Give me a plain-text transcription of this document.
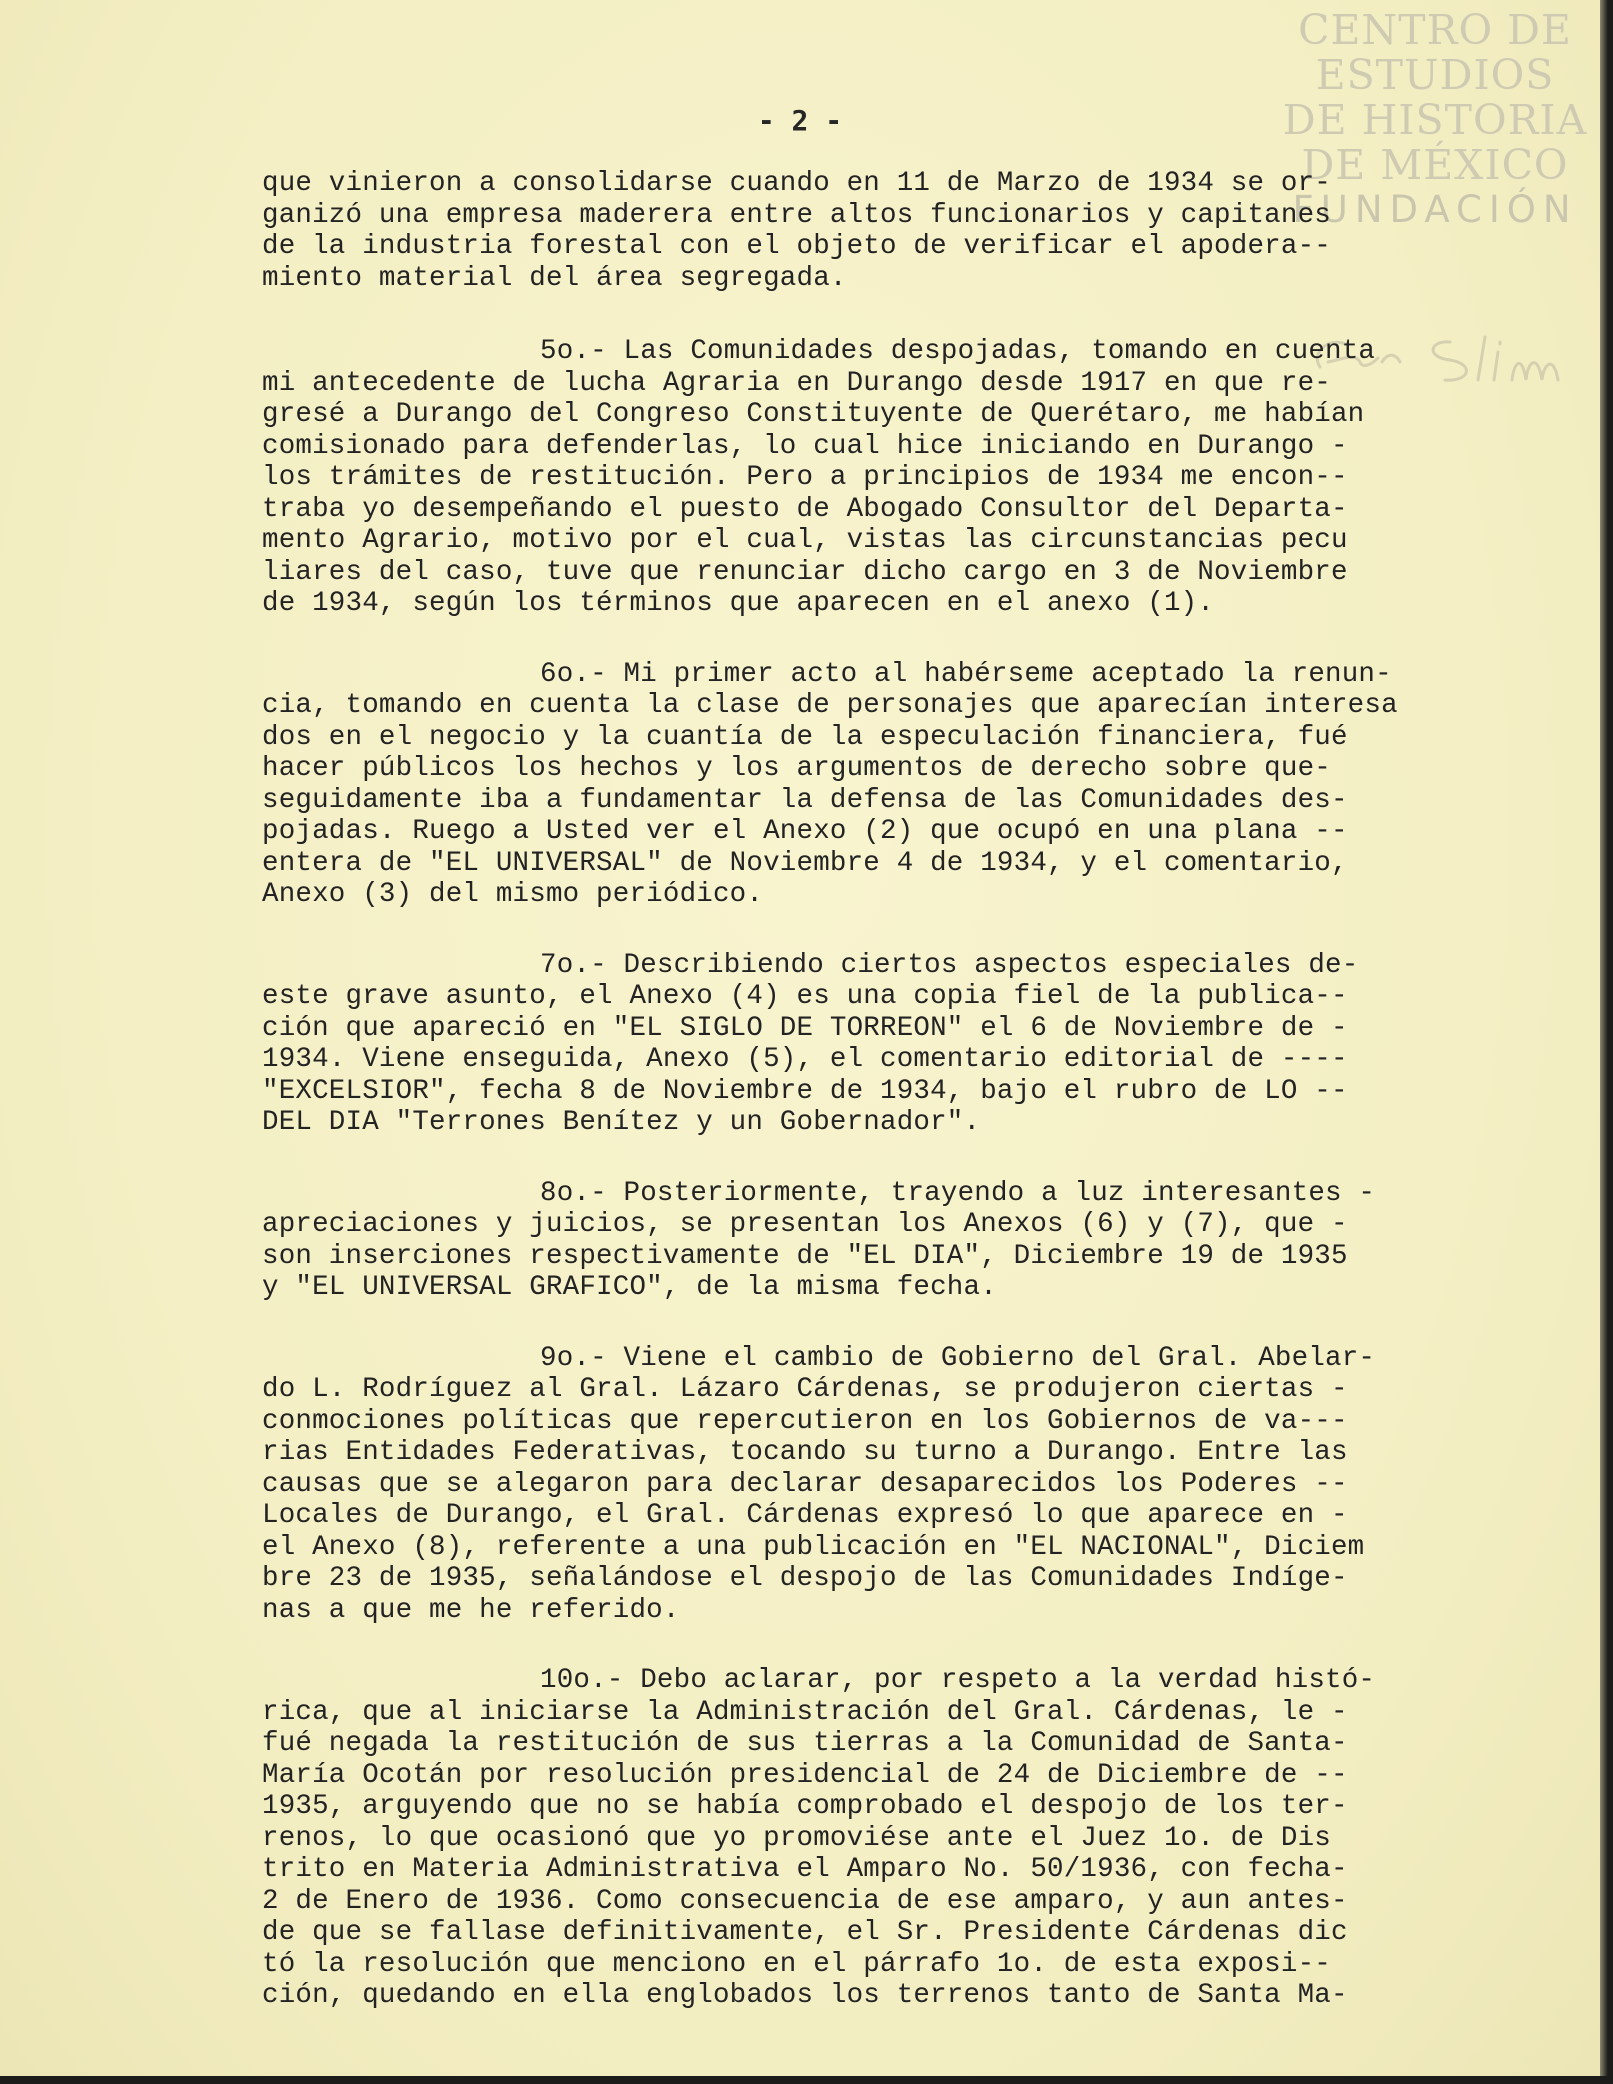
CENTRO DE
ESTUDIOS
DE HISTORIA
DE MÉXICO
FUNDACIÓN
- 2 -
que vinieron a consolidarse cuando en 11 de Marzo de 1934 se or-
ganizó una empresa maderera entre altos funcionarios y capitanes
de la industria forestal con el objeto de verificar el apodera--
miento material del área segregada.
5o.- Las Comunidades despojadas, tomando en cuenta
mi antecedente de lucha Agraria en Durango desde 1917 en que re-
gresé a Durango del Congreso Constituyente de Querétaro, me habían
comisionado para defenderlas, lo cual hice iniciando en Durango -
los trámites de restitución. Pero a principios de 1934 me encon--
traba yo desempeñando el puesto de Abogado Consultor del Departa-
mento Agrario, motivo por el cual, vistas las circunstancias pecu
liares del caso, tuve que renunciar dicho cargo en 3 de Noviembre
de 1934, según los términos que aparecen en el anexo (1).
6o.- Mi primer acto al habérseme aceptado la renun-
cia, tomando en cuenta la clase de personajes que aparecían interesa
dos en el negocio y la cuantía de la especulación financiera, fué
hacer públicos los hechos y los argumentos de derecho sobre que-
seguidamente iba a fundamentar la defensa de las Comunidades des-
pojadas. Ruego a Usted ver el Anexo (2) que ocupó en una plana --
entera de "EL UNIVERSAL" de Noviembre 4 de 1934, y el comentario,
Anexo (3) del mismo periódico.
7o.- Describiendo ciertos aspectos especiales de-
este grave asunto, el Anexo (4) es una copia fiel de la publica--
ción que apareció en "EL SIGLO DE TORREON" el 6 de Noviembre de -
1934. Viene enseguida, Anexo (5), el comentario editorial de ----
"EXCELSIOR", fecha 8 de Noviembre de 1934, bajo el rubro de LO --
DEL DIA "Terrones Benítez y un Gobernador".
8o.- Posteriormente, trayendo a luz interesantes -
apreciaciones y juicios, se presentan los Anexos (6) y (7), que -
son inserciones respectivamente de "EL DIA", Diciembre 19 de 1935
y "EL UNIVERSAL GRAFICO", de la misma fecha.
9o.- Viene el cambio de Gobierno del Gral. Abelar-
do L. Rodríguez al Gral. Lázaro Cárdenas, se produjeron ciertas -
conmociones políticas que repercutieron en los Gobiernos de va---
rias Entidades Federativas, tocando su turno a Durango. Entre las
causas que se alegaron para declarar desaparecidos los Poderes --
Locales de Durango, el Gral. Cárdenas expresó lo que aparece en -
el Anexo (8), referente a una publicación en "EL NACIONAL", Diciem
bre 23 de 1935, señalándose el despojo de las Comunidades Indíge-
nas a que me he referido.
10o.- Debo aclarar, por respeto a la verdad histó-
rica, que al iniciarse la Administración del Gral. Cárdenas, le -
fué negada la restitución de sus tierras a la Comunidad de Santa-
María Ocotán por resolución presidencial de 24 de Diciembre de --
1935, arguyendo que no se había comprobado el despojo de los ter-
renos, lo que ocasionó que yo promoviése ante el Juez 1o. de Dis
trito en Materia Administrativa el Amparo No. 50/1936, con fecha-
2 de Enero de 1936. Como consecuencia de ese amparo, y aun antes-
de que se fallase definitivamente, el Sr. Presidente Cárdenas dic
tó la resolución que menciono en el párrafo 1o. de esta exposi--
ción, quedando en ella englobados los terrenos tanto de Santa Ma-
